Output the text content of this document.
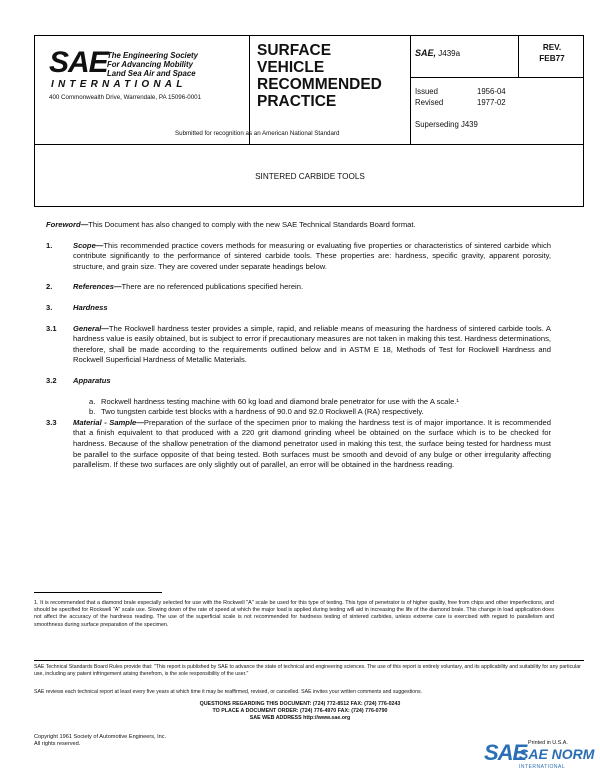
SAE The Engineering Society
For Advancing Mobility
Land Sea Air and Space
INTERNATIONAL
400 Commonwealth Drive, Warrendale, PA 15096-0001
Submitted for recognition as an American National Standard
SURFACE
VEHICLE
RECOMMENDED
PRACTICE
SAE, J439a
REV.
FEB77
Issued	1956-04
Revised	1977-02
Superseding J439
SINTERED CARBIDE TOOLS

Foreword—This Document has also changed to comply with the new SAE Technical Standards Board format.

1.	Scope—This recommended practice covers methods for measuring or evaluating five properties or characteristics of sintered carbide which contribute significantly to the performance of sintered carbide tools. These properties are: hardness, specific gravity, apparent porosity, structure, and grain size. They are covered under separate headings below.

2.	References—There are no referenced publications specified herein.

3.	Hardness

3.1 General—The Rockwell hardness tester provides a simple, rapid, and reliable means of measuring the hardness of sintered carbide tools. A hardness value is easily obtained, but is subject to error if precautionary measures are not taken in making this test. Hardness determinations, therefore, shall be made according to the requirements outlined below and in ASTM E 18, Methods of Test for Rockwell Hardness and Rockwell Superficial Hardness of Metallic Materials.

3.2 Apparatus

a. Rockwell hardness testing machine with 60 kg load and diamond brale penetrator for use with the A scale.¹

b. Two tungsten carbide test blocks with a hardness of 90.0 and 92.0 Rockwell A (RA) respectively.

3.3 Material - Sample—Preparation of the surface of the specimen prior to making the hardness test is of major importance. It is recommended that a finish equivalent to that produced with a 220 grit diamond grinding wheel be obtained on the surface which is to be checked for hardness. Because of the shallow penetration of the diamond penetrator used in making this test, the surface being tested for hardness must be parallel to the surface opposite of that being tested. Both surfaces must be smooth and devoid of any bulge or other irregularity affecting parallelism. If these two surfaces are only slightly out of parallel, an error will be obtained in the hardness reading.

1. It is recommended that a diamond brale especially selected for use with the Rockwell "A" scale be used for this type of testing. This type of penetrator is of higher quality, free from chips and other imperfections, and should be specified for Rockwell "A" scale use. Slowing down of the rate of speed at which the major load is applied during testing will aid in increasing the life of the diamond brale. This change in load application does not affect the accuracy of the hardness reading. The use of the superficial scale is not recommended for hardness testing of sintered carbides, unless extreme care is exercised with regard to parallelism and smoothness during surface preparation of the specimen.
SAE Technical Standards Board Rules provide that: "This report is published by SAE to advance the state of technical and engineering sciences. The use of this report is entirely voluntary, and its applicability and suitability for any particular use, including any patent infringement arising therefrom, is the sole responsibility of the user."
SAE reviews each technical report at least every five years at which time it may be reaffirmed, revised, or cancelled. SAE invites your written comments and suggestions.
QUESTIONS REGARDING THIS DOCUMENT: (724) 772-8512 FAX: (724) 776-0243
TO PLACE A DOCUMENT ORDER: (724) 776-4970 FAX: (724) 776-0790
SAE WEB ADDRESS http://www.sae.org
Copyright 1961 Society of Automotive Engineers, Inc.
All rights reserved.	SAE
SAE NORM
INTERNATIONAL
Printed in U.S.A.
